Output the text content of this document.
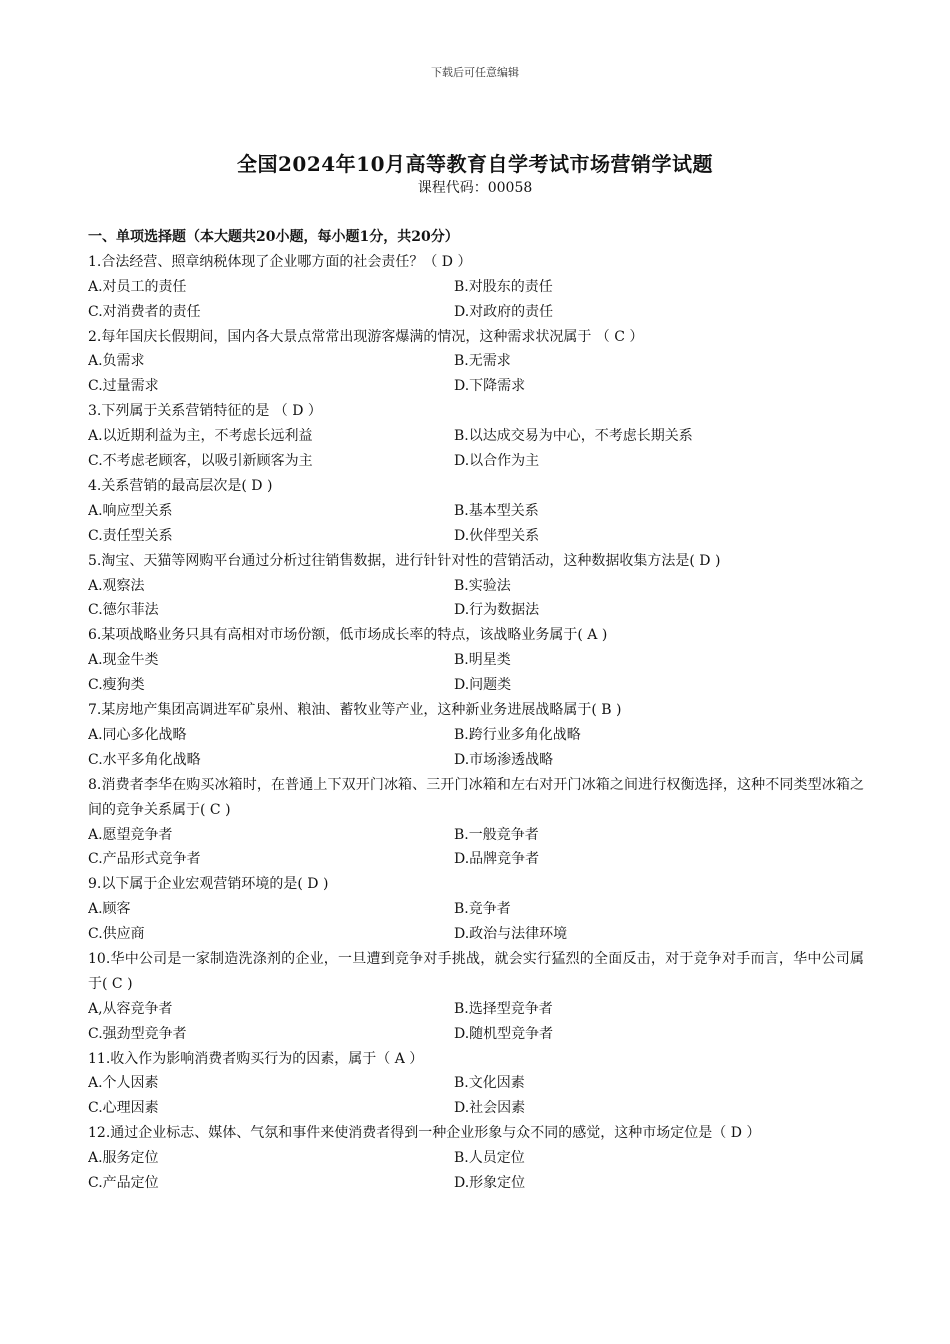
下载后可任意编辑
全国2024年10月高等教育自学考试市场营销学试题
课程代码：00058
一、单项选择题（本大题共20小题，每小题1分，共20分）
1.合法经营、照章纳税体现了企业哪方面的社会责任？（ D ）
A.对员工的责任	B.对股东的责任
C.对消费者的责任	D.对政府的责任
2.每年国庆长假期间，国内各大景点常常出现游客爆满的情况，这种需求状况属于 （ C ）
A.负需求	B.无需求
C.过量需求	D.下降需求
3.下列属于关系营销特征的是 （ D ）
A.以近期利益为主，不考虑长远利益	B.以达成交易为中心，不考虑长期关系
C.不考虑老顾客，以吸引新顾客为主	D.以合作为主
4.关系营销的最高层次是( D )
A.响应型关系	B.基本型关系
C.责任型关系	D.伙伴型关系
5.淘宝、天猫等网购平台通过分析过往销售数据，进行针针对性的营销活动，这种数据收集方法是( D )
A.观察法	B.实验法
C.德尔菲法	D.行为数据法
6.某项战略业务只具有高相对市场份额，低市场成长率的特点，该战略业务属于( A )
A.现金牛类	B.明星类
C.瘦狗类	D.问题类
7.某房地产集团高调进军矿泉州、粮油、蓄牧业等产业，这种新业务进展战略属于( B )
A.同心多化战略	B.跨行业多角化战略
C.水平多角化战略	D.市场渗透战略
8.消费者李华在购买冰箱时，在普通上下双开门冰箱、三开门冰箱和左右对开门冰箱之间进行权衡选择，这种不同类型冰箱之间的竞争关系属于( C )
A.愿望竞争者	B.一般竞争者
C.产品形式竞争者	D.品牌竞争者
9.以下属于企业宏观营销环境的是( D )
A.顾客	B.竞争者
C.供应商	D.政治与法律环境
10.华中公司是一家制造洗涤剂的企业，一旦遭到竞争对手挑战，就会实行猛烈的全面反击，对于竞争对手而言，华中公司属于( C )
A,从容竞争者	B.选择型竞争者
C.强劲型竞争者	D.随机型竞争者
11.收入作为影响消费者购买行为的因素，属于（ A ）
A.个人因素	B.文化因素
C.心理因素	D.社会因素
12.通过企业标志、媒体、气氛和事件来使消费者得到一种企业形象与众不同的感觉，这种市场定位是（ D ）
A.服务定位	B.人员定位
C.产品定位	D.形象定位
